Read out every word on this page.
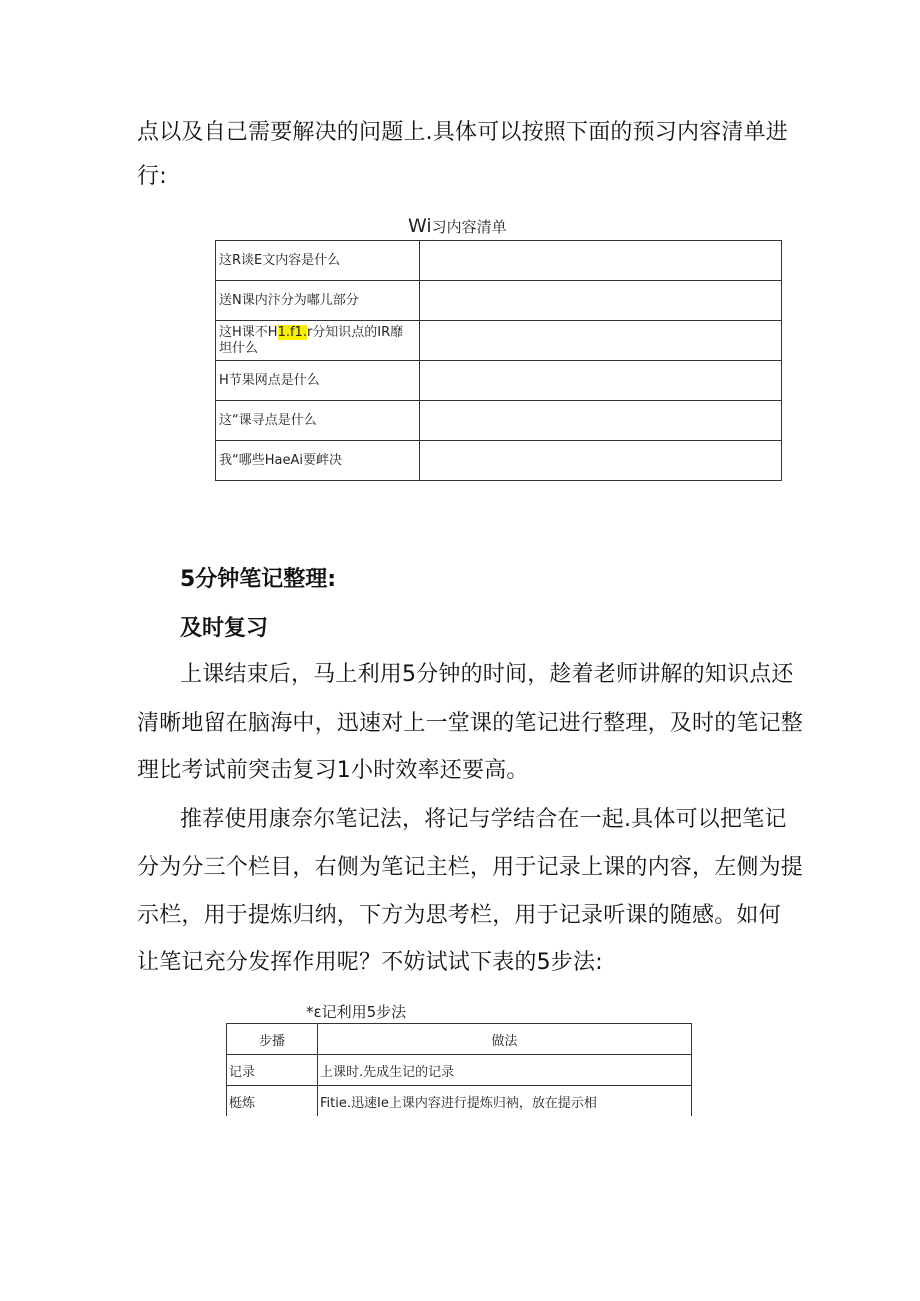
点以及自己需要解决的问题上.具体可以按照下面的预习内容清单进
行:
Wi习内容清单
这R谈E文内容是什么	
送N课内汴分为嘟儿部分	
这H课不H1.f1.r分知识点的IR靡坦什么	
H节果网点是什么	
这“课寻点是什么	
我“哪些HaeAi要衅决	
5分钟笔记整理:
及时复习
上课结束后，马上利用5分钟的时间，趁着老师讲解的知识点还
清晰地留在脑海中，迅速对上一堂课的笔记进行整理，及时的笔记整
理比考试前突击复习1小时效率还要高。
推荐使用康奈尔笔记法，将记与学结合在一起.具体可以把笔记
分为分三个栏目，右侧为笔记主栏，用于记录上课的内容，左侧为提
示栏，用于提炼归纳，下方为思考栏，用于记录听课的随感。如何
让笔记充分发挥作用呢？不妨试试下表的5步法:
*ε记利用5步法
步播	做法
记录	上课时.先成生记的记录
梃炼	Fitie.迅速Ie上课内容进行提炼归衲，放在提示相
